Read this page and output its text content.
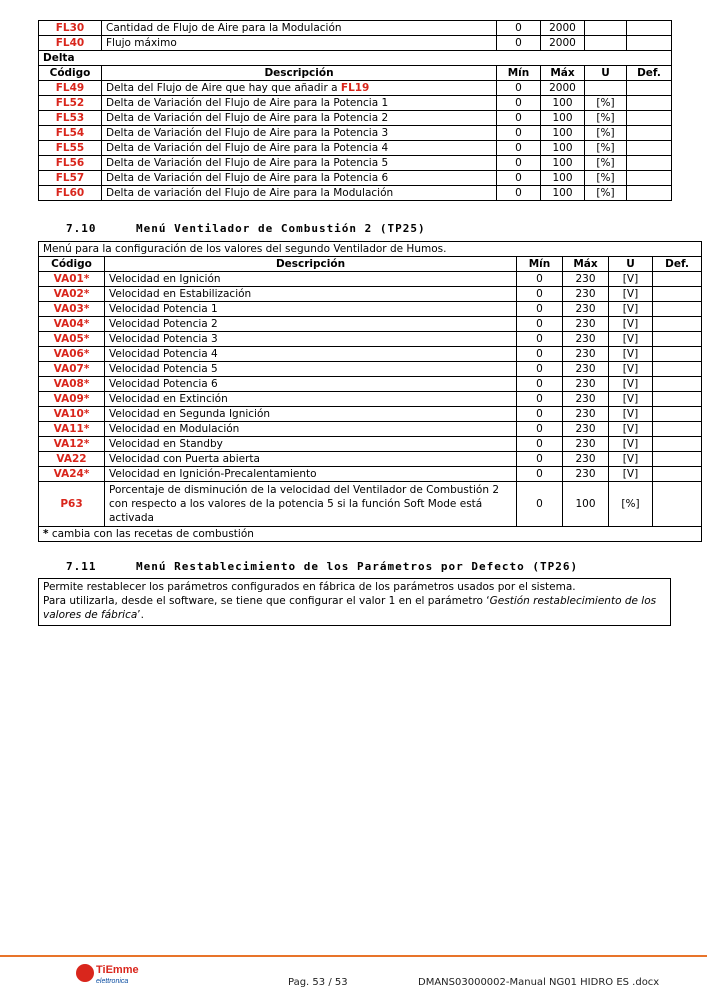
FL30	Cantidad de Flujo de Aire para la Modulación	0	2000		
FL40	Flujo máximo	0	2000		
Delta					
Código	Descripción	Mín	Máx	U	Def.
FL49	Delta del Flujo de Aire que hay que añadir a FL19	0	2000		
FL52	Delta de Variación del Flujo de Aire para la Potencia 1	0	100	[%]	
FL53	Delta de Variación del Flujo de Aire para la Potencia 2	0	100	[%]	
FL54	Delta de Variación del Flujo de Aire para la Potencia 3	0	100	[%]	
FL55	Delta de Variación del Flujo de Aire para la Potencia 4	0	100	[%]	
FL56	Delta de Variación del Flujo de Aire para la Potencia 5	0	100	[%]	
FL57	Delta de Variación del Flujo de Aire para la Potencia 6	0	100	[%]	
FL60	Delta de variación del Flujo de Aire para la Modulación	0	100	[%]	
7.10	Menú Ventilador de Combustión 2 (TP25)
Menú para la configuración de los valores del segundo Ventilador de Humos.					
Código	Descripción	Mín	Máx	U	Def.
VA01*	Velocidad en Ignición	0	230	[V]	
VA02*	Velocidad en Estabilización	0	230	[V]	
VA03*	Velocidad Potencia 1	0	230	[V]	
VA04*	Velocidad Potencia 2	0	230	[V]	
VA05*	Velocidad Potencia 3	0	230	[V]	
VA06*	Velocidad Potencia 4	0	230	[V]	
VA07*	Velocidad Potencia 5	0	230	[V]	
VA08*	Velocidad Potencia 6	0	230	[V]	
VA09*	Velocidad en Extinción	0	230	[V]	
VA10*	Velocidad en Segunda Ignición	0	230	[V]	
VA11*	Velocidad en Modulación	0	230	[V]	
VA12*	Velocidad en Standby	0	230	[V]	
VA22	Velocidad con Puerta abierta	0	230	[V]	
VA24*	Velocidad en Ignición-Precalentamiento	0	230	[V]	
P63	Porcentaje de disminución de la velocidad del Ventilador de Combustión 2 con respecto a los valores de la potencia 5 si la función Soft Mode está activada	0	100	[%]	
* cambia con las recetas de combustión					
7.11	Menú Restablecimiento de los Parámetros por Defecto (TP26)
Permite restablecer los parámetros configurados en fábrica de los parámetros usados por el sistema.
Para utilizarla, desde el software, se tiene que configurar el valor 1 en el parámetro ‘Gestión restablecimiento de los valores de fábrica’.
TiEmme
elettronica	Pag. 53 / 53	DMANS03000002-Manual NG01 HIDRO ES .docx
